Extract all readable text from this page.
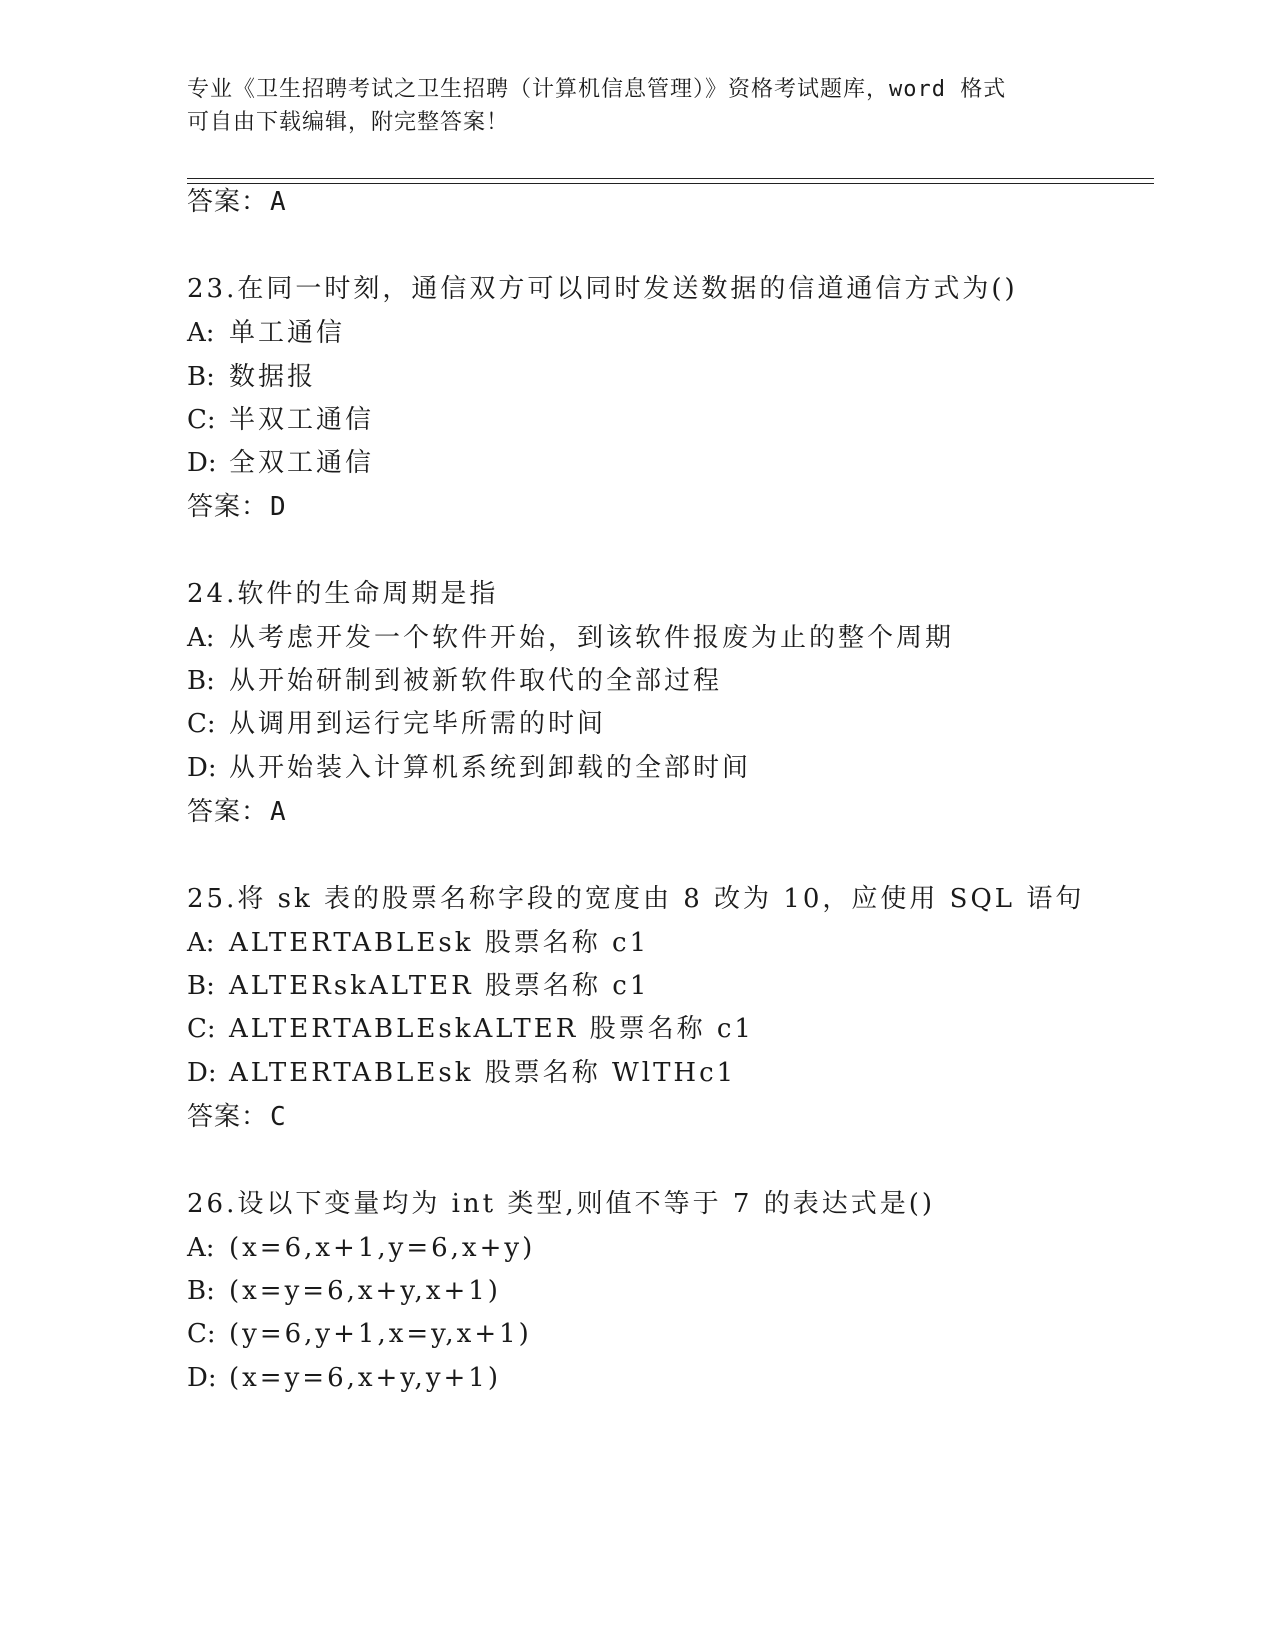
专业《卫生招聘考试之卫生招聘（计算机信息管理）》资格考试题库，word 格式
可自由下载编辑，附完整答案！
答案：A
23.在同一时刻，通信双方可以同时发送数据的信道通信方式为()
A: 单工通信
B: 数据报
C: 半双工通信
D: 全双工通信
答案：D
24.软件的生命周期是指
A: 从考虑开发一个软件开始，到该软件报废为止的整个周期
B: 从开始研制到被新软件取代的全部过程
C: 从调用到运行完毕所需的时间
D: 从开始装入计算机系统到卸载的全部时间
答案：A
25.将 sk 表的股票名称字段的宽度由 8 改为 10，应使用 SQL 语句
A: ALTERTABLEsk 股票名称 c1
B: ALTERskALTER 股票名称 c1
C: ALTERTABLEskALTER 股票名称 c1
D: ALTERTABLEsk 股票名称 WlTHc1
答案：C
26.设以下变量均为 int 类型,则值不等于 7 的表达式是()
A: (x=6,x+1,y=6,x+y)
B: (x=y=6,x+y,x+1)
C: (y=6,y+1,x=y,x+1)
D: (x=y=6,x+y,y+1)
